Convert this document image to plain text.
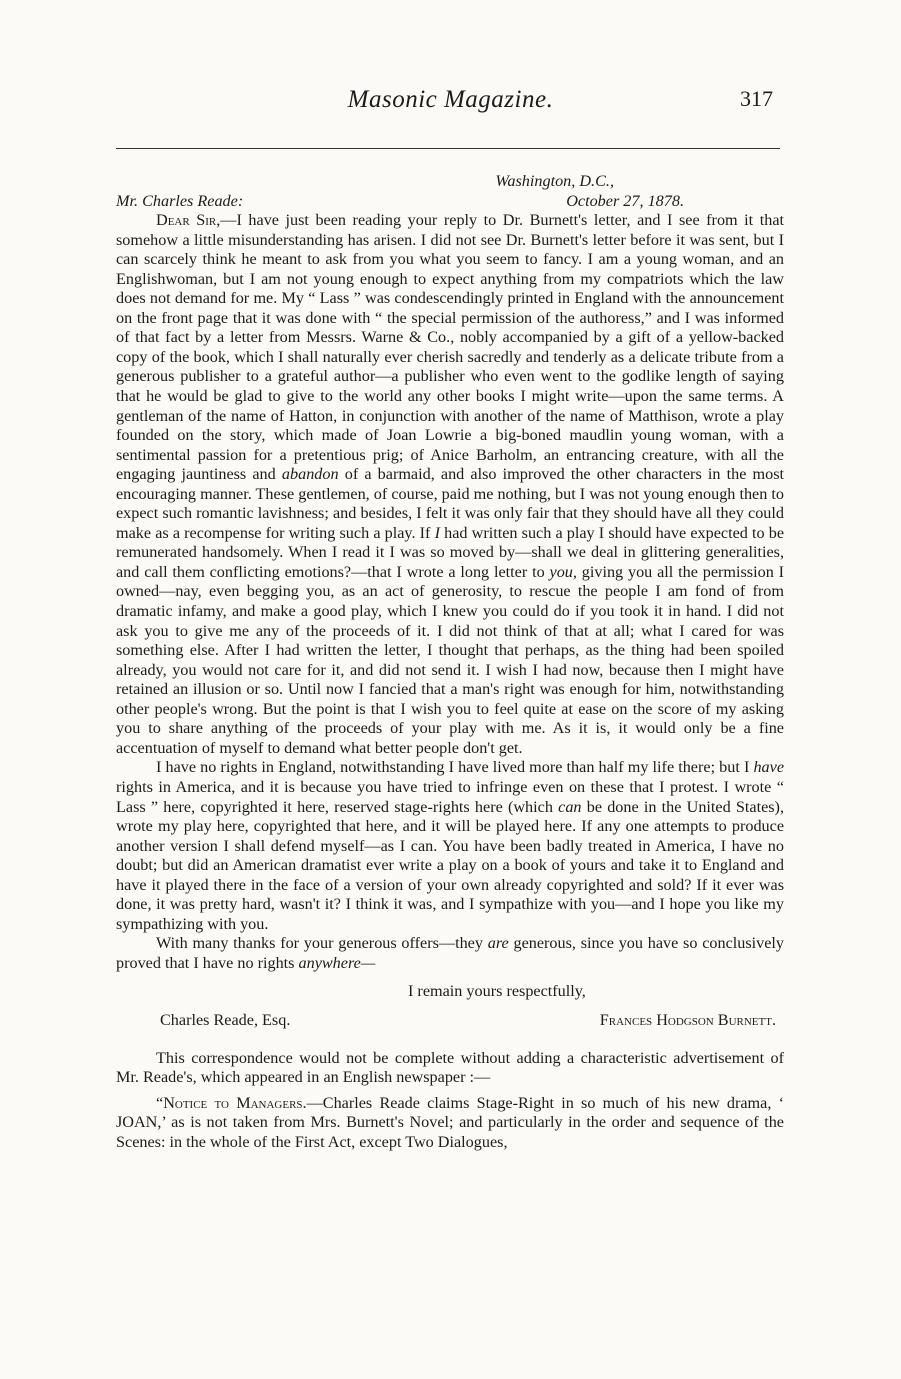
Masonic Magazine.	317
Washington, D.C.,
Mr. Charles Reade:	October 27, 1878.

Dear Sir,—I have just been reading your reply to Dr. Burnett's letter, and I see from it that somehow a little misunderstanding has arisen. I did not see Dr. Burnett's letter before it was sent, but I can scarcely think he meant to ask from you what you seem to fancy. I am a young woman, and an Englishwoman, but I am not young enough to expect anything from my compatriots which the law does not demand for me. My “ Lass ” was condescendingly printed in England with the announcement on the front page that it was done with “ the special permission of the authoress,” and I was informed of that fact by a letter from Messrs. Warne & Co., nobly accompanied by a gift of a yellow-backed copy of the book, which I shall naturally ever cherish sacredly and tenderly as a delicate tribute from a generous publisher to a grateful author—a publisher who even went to the godlike length of saying that he would be glad to give to the world any other books I might write—upon the same terms. A gentleman of the name of Hatton, in conjunction with another of the name of Matthison, wrote a play founded on the story, which made of Joan Lowrie a big-boned maudlin young woman, with a sentimental passion for a pretentious prig; of Anice Barholm, an entrancing creature, with all the engaging jauntiness and abandon of a barmaid, and also improved the other characters in the most encouraging manner. These gentlemen, of course, paid me nothing, but I was not young enough then to expect such romantic lavishness; and besides, I felt it was only fair that they should have all they could make as a recompense for writing such a play. If I had written such a play I should have expected to be remunerated handsomely. When I read it I was so moved by—shall we deal in glittering generalities, and call them conflicting emotions?—that I wrote a long letter to you, giving you all the permission I owned—nay, even begging you, as an act of generosity, to rescue the people I am fond of from dramatic infamy, and make a good play, which I knew you could do if you took it in hand. I did not ask you to give me any of the proceeds of it. I did not think of that at all; what I cared for was something else. After I had written the letter, I thought that perhaps, as the thing had been spoiled already, you would not care for it, and did not send it. I wish I had now, because then I might have retained an illusion or so. Until now I fancied that a man's right was enough for him, notwithstanding other people's wrong. But the point is that I wish you to feel quite at ease on the score of my asking you to share anything of the proceeds of your play with me. As it is, it would only be a fine accentuation of myself to demand what better people don't get.

I have no rights in England, notwithstanding I have lived more than half my life there; but I have rights in America, and it is because you have tried to infringe even on these that I protest. I wrote “ Lass ” here, copyrighted it here, reserved stage-rights here (which can be done in the United States), wrote my play here, copyrighted that here, and it will be played here. If any one attempts to produce another version I shall defend myself—as I can. You have been badly treated in America, I have no doubt; but did an American dramatist ever write a play on a book of yours and take it to England and have it played there in the face of a version of your own already copyrighted and sold? If it ever was done, it was pretty hard, wasn't it? I think it was, and I sympathize with you—and I hope you like my sympathizing with you.

With many thanks for your generous offers—they are generous, since you have so conclusively proved that I have no rights anywhere—

I remain yours respectfully,
Charles Reade, Esq.	Frances Hodgson Burnett.

This correspondence would not be complete without adding a characteristic advertisement of Mr. Reade's, which appeared in an English newspaper :—

“Notice to Managers.—Charles Reade claims Stage-Right in so much of his new drama, ‘ JOAN,’ as is not taken from Mrs. Burnett's Novel; and particularly in the order and sequence of the Scenes: in the whole of the First Act, except Two Dialogues,
